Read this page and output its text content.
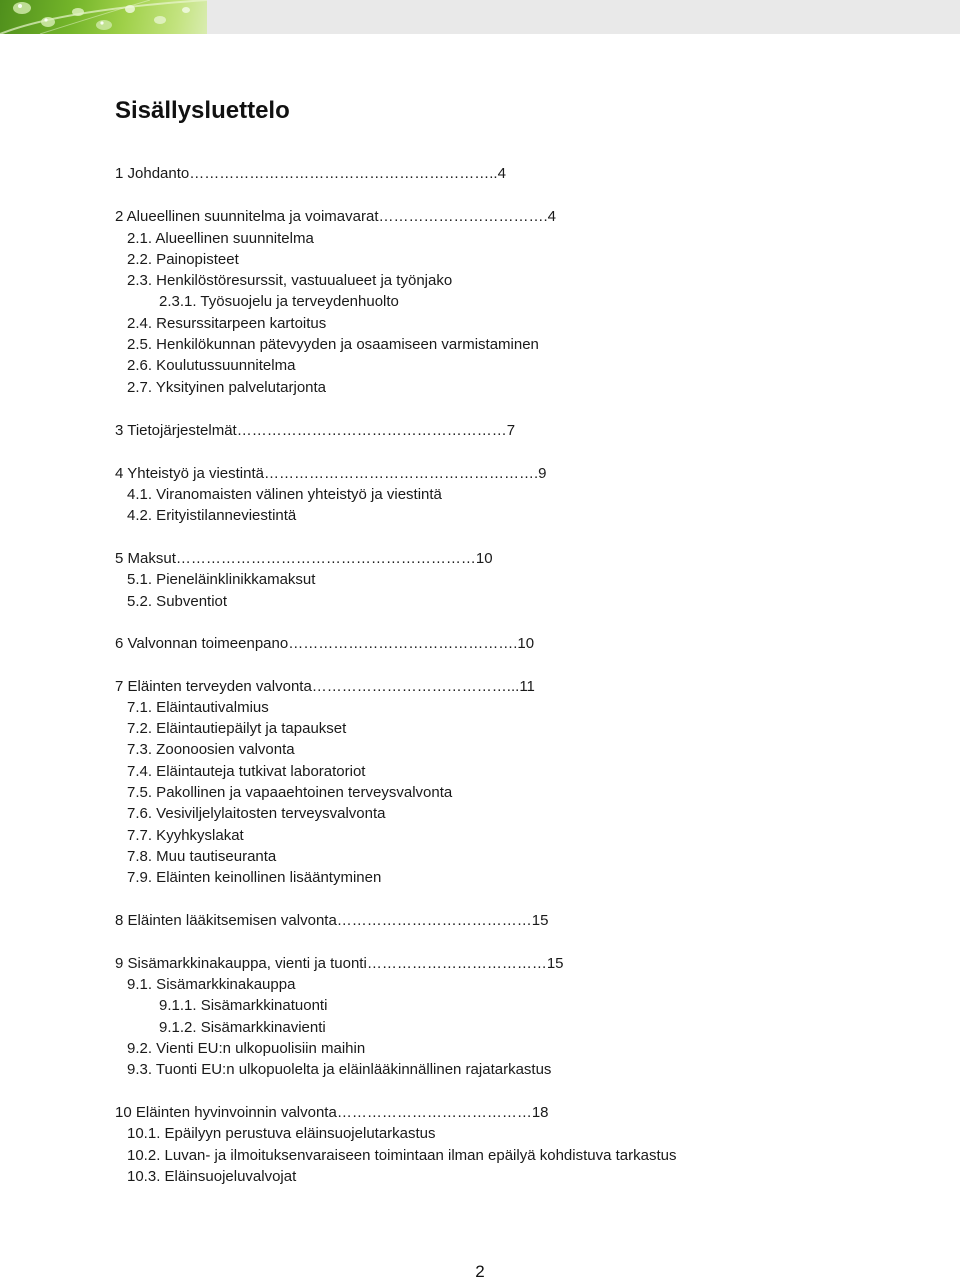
Sisällysluettelo
1 Johdanto……………………………………………………..4
2 Alueellinen suunnitelma ja voimavarat…………………………….4
2.1. Alueellinen suunnitelma
2.2. Painopisteet
2.3. Henkilöstöresurssit, vastuualueet ja työnjako
2.3.1. Työsuojelu ja terveydenhuolto
2.4. Resurssitarpeen kartoitus
2.5. Henkilökunnan pätevyyden ja osaamiseen varmistaminen
2.6. Koulutussuunnitelma
2.7. Yksityinen palvelutarjonta
3 Tietojärjestelmät………………………………………………7
4 Yhteistyö ja viestintä……………………………………………….9
4.1. Viranomaisten välinen yhteistyö ja viestintä
4.2. Erityistilanneviestintä
5 Maksut……………………………………………………10
5.1. Pieneläinklinikkamaksut
5.2. Subventiot
6 Valvonnan toimeenpano……………………………………….10
7 Eläinten terveyden valvonta…………………………………...11
7.1. Eläintautivalmius
7.2. Eläintautiepäilyt ja tapaukset
7.3. Zoonoosien valvonta
7.4. Eläintauteja tutkivat laboratoriot
7.5. Pakollinen ja vapaaehtoinen terveysvalvonta
7.6. Vesiviljelylaitosten terveysvalvonta
7.7. Kyyhkyslakat
7.8. Muu tautiseuranta
7.9. Eläinten keinollinen lisääntyminen
8 Eläinten lääkitsemisen valvonta…………………………………15
9 Sisämarkkinakauppa, vienti ja tuonti………………………………15
9.1. Sisämarkkinakauppa
9.1.1. Sisämarkkinatuonti
9.1.2. Sisämarkkinavienti
9.2. Vienti EU:n ulkopuolisiin maihin
9.3. Tuonti EU:n ulkopuolelta ja eläinlääkinnällinen rajatarkastus
10 Eläinten hyvinvoinnin valvonta…………………………………18
10.1. Epäilyyn perustuva eläinsuojelutarkastus
10.2. Luvan- ja ilmoituksenvaraiseen toimintaan ilman epäilyä kohdistuva tarkastus
10.3. Eläinsuojeluvalvojat
2
